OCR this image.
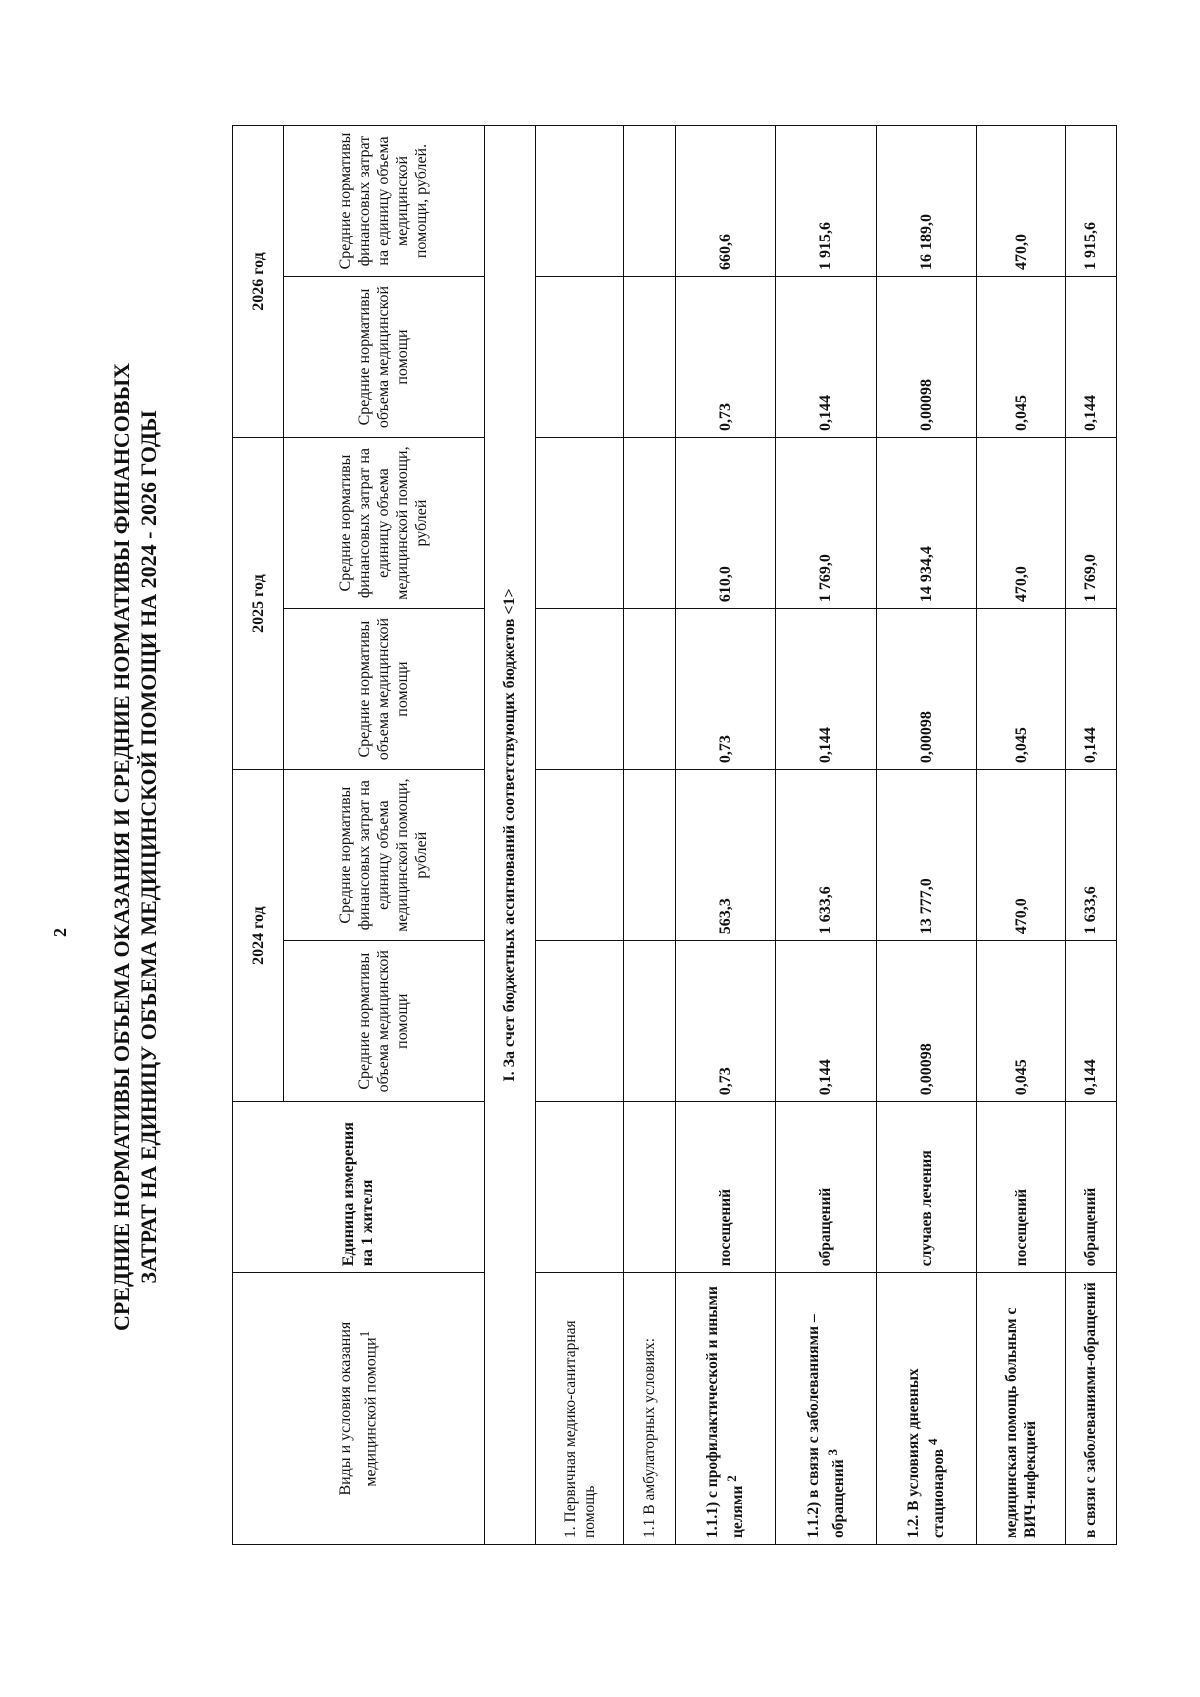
2 СРЕДНИЕ НОРМАТИВЫ ОБЪЕМА ОКАЗАНИЯ И СРЕДНИЕ НОРМАТИВЫ ФИНАНСОВЫХ ЗАТРАТ НА ЕДИНИЦУ ОБЪЕМА МЕДИЦИНСКОЙ ПОМОЩИ НА 2024 - 2026 ГОДЫ
Виды и условия оказания медицинской помощи$^1$	Единица измерения на 1 жителя	2024 год		2025 год		2026 год	
		Средние нормативы объема медицинской помощи	Средние нормативы финансовых затрат на единицу объема медицинской помощи, рублей	Средние нормативы объема медицинской помощи	Средние нормативы финансовых затрат на единицу объема медицинской помощи, рублей	Средние нормативы объема медицинской помощи	Средние нормативы финансовых затрат на единицу объема медицинской помощи, рублей.
I. За счет бюджетных ассигнований соответствующих бюджетов <1>							
1. Первичная медико-санитарная помощь							
1.1 В амбулаторных условиях:							
1.1.1) с профилактической и иными целями $^2$	посещений	0,73	563,3	0,73	610,0	0,73	660,6
1.1.2) в связи с заболеваниями – обращений $^3$	обращений	0,144	1 633,6	0,144	1 769,0	0,144	1 915,6
1.2. В условиях дневных стационаров $^4$	случаев лечения	0,00098	13 777,0	0,00098	14 934,4	0,00098	16 189,0
медицинская помощь больным с ВИЧ-инфекцией	посещений	0,045	470,0	0,045	470,0	0,045	470,0
в связи с заболеваниями-обращений	обращений	0,144	1 633,6	0,144	1 769,0	0,144	1 915,6
